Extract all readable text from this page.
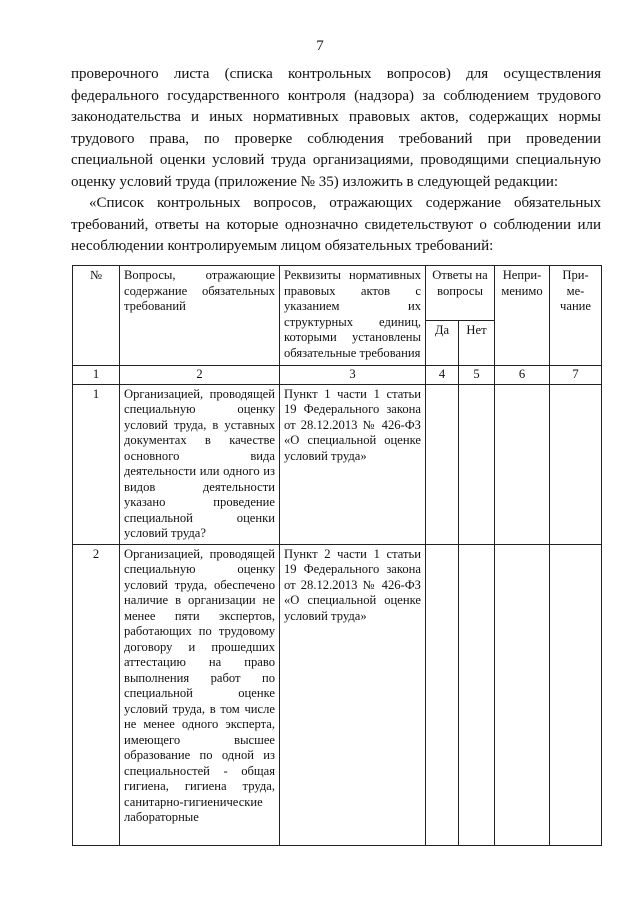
7
проверочного листа (списка контрольных вопросов) для осуществления федерального государственного контроля (надзора) за соблюдением трудового законодательства и иных нормативных правовых актов, содержащих нормы трудового права, по проверке соблюдения требований при проведении специальной оценки условий труда организациями, проводящими специальную оценку условий труда (приложение № 35) изложить в следующей редакции:
«Список контрольных вопросов, отражающих содержание обязательных требований, ответы на которые однозначно свидетельствуют о соблюдении или несоблюдении контролируемым лицом обязательных требований:
№	Вопросы, отражающие содержание обязательных требований	Реквизиты нормативных правовых актов с указанием их структурных единиц, которыми установлены обязательные требования	Ответы на вопросы		Непри-менимо	При-ме-чание
			Да	Нет		
1	2	3	4	5	6	7
1	Организацией, проводящей специальную оценку условий труда, в уставных документах в качестве основного вида деятельности или одного из видов деятельности указано проведение специальной оценки условий труда?	Пункт 1 части 1 статьи 19 Федерального закона от 28.12.2013 № 426-ФЗ «О специальной оценке условий труда»				
2	Организацией, проводящей специальную оценку условий труда, обеспечено наличие в организации не менее пяти экспертов, работающих по трудовому договору и прошедших аттестацию на право выполнения работ по специальной оценке условий труда, в том числе не менее одного эксперта, имеющего высшее образование по одной из специальностей - общая гигиена, гигиена труда, санитарно-гигиенические лабораторные	Пункт 2 части 1 статьи 19 Федерального закона от 28.12.2013 № 426-ФЗ «О специальной оценке условий труда»				
